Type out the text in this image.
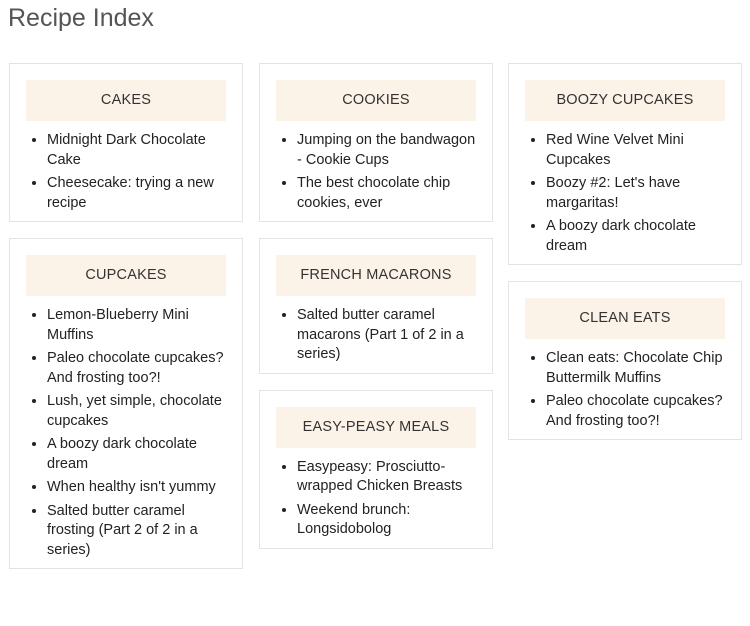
Recipe Index
CAKES
• Midnight Dark Chocolate Cake
• Cheesecake: trying a new recipe
CUPCAKES
• Lemon-Blueberry Mini Muffins
• Paleo chocolate cupcakes? And frosting too?!
• Lush, yet simple, chocolate cupcakes
• A boozy dark chocolate dream
• When healthy isn't yummy
• Salted butter caramel frosting (Part 2 of 2 in a series)
COOKIES
• Jumping on the bandwagon - Cookie Cups
• The best chocolate chip cookies, ever
FRENCH MACARONS
• Salted butter caramel macarons (Part 1 of 2 in a series)
EASY-PEASY MEALS
• Easypeasy: Prosciutto-wrapped Chicken Breasts
• Weekend brunch: Longsidobolog
BOOZY CUPCAKES
• Red Wine Velvet Mini Cupcakes
• Boozy #2: Let's have margaritas!
• A boozy dark chocolate dream
CLEAN EATS
• Clean eats: Chocolate Chip Buttermilk Muffins
• Paleo chocolate cupcakes? And frosting too?!
